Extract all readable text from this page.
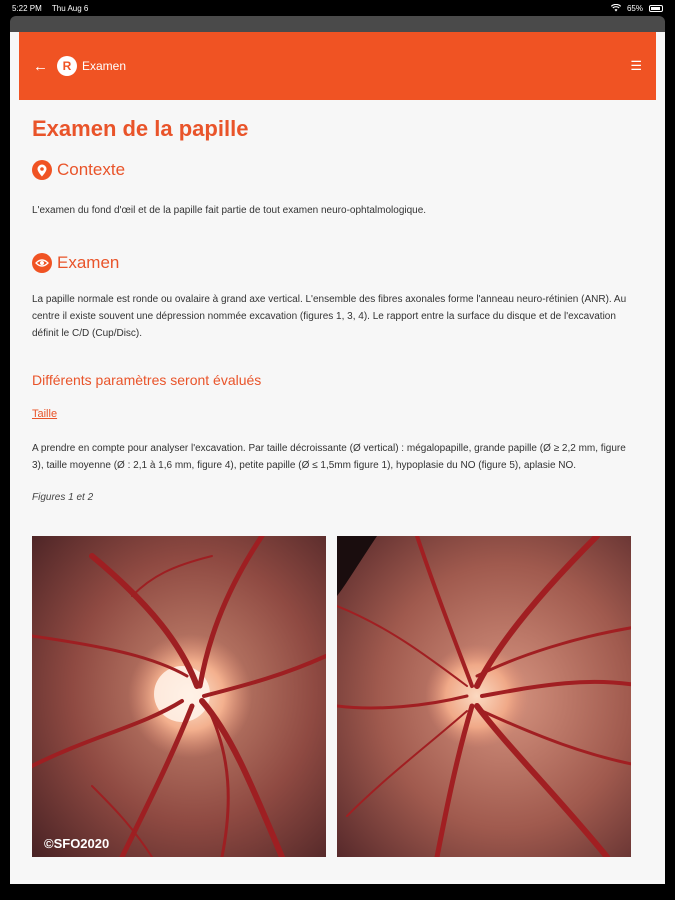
5:22 PM Thu Aug 6	65%
←	R Examen	☰
Examen de la papille
Contexte

L'examen du fond d'œil et de la papille fait partie de tout examen neuro-ophtalmologique.

Examen

La papille normale est ronde ou ovalaire à grand axe vertical. L'ensemble des fibres axonales forme l'anneau neuro-rétinien (ANR). Au centre il existe souvent une dépression nommée excavation (figures 1, 3, 4). Le rapport entre la surface du disque et de l'excavation définit le C/D (Cup/Disc).

Différents paramètres seront évalués
Taille

A prendre en compte pour analyser l'excavation. Par taille décroissante (Ø vertical) : mégalopapille, grande papille (Ø ≥ 2,2 mm, figure 3), taille moyenne (Ø : 2,1 à 1,6 mm, figure 4), petite papille (Ø ≤ 1,5mm figure 1), hypoplasie du NO (figure 5), aplasie NO.

Figures 1 et 2

©SFO2020
